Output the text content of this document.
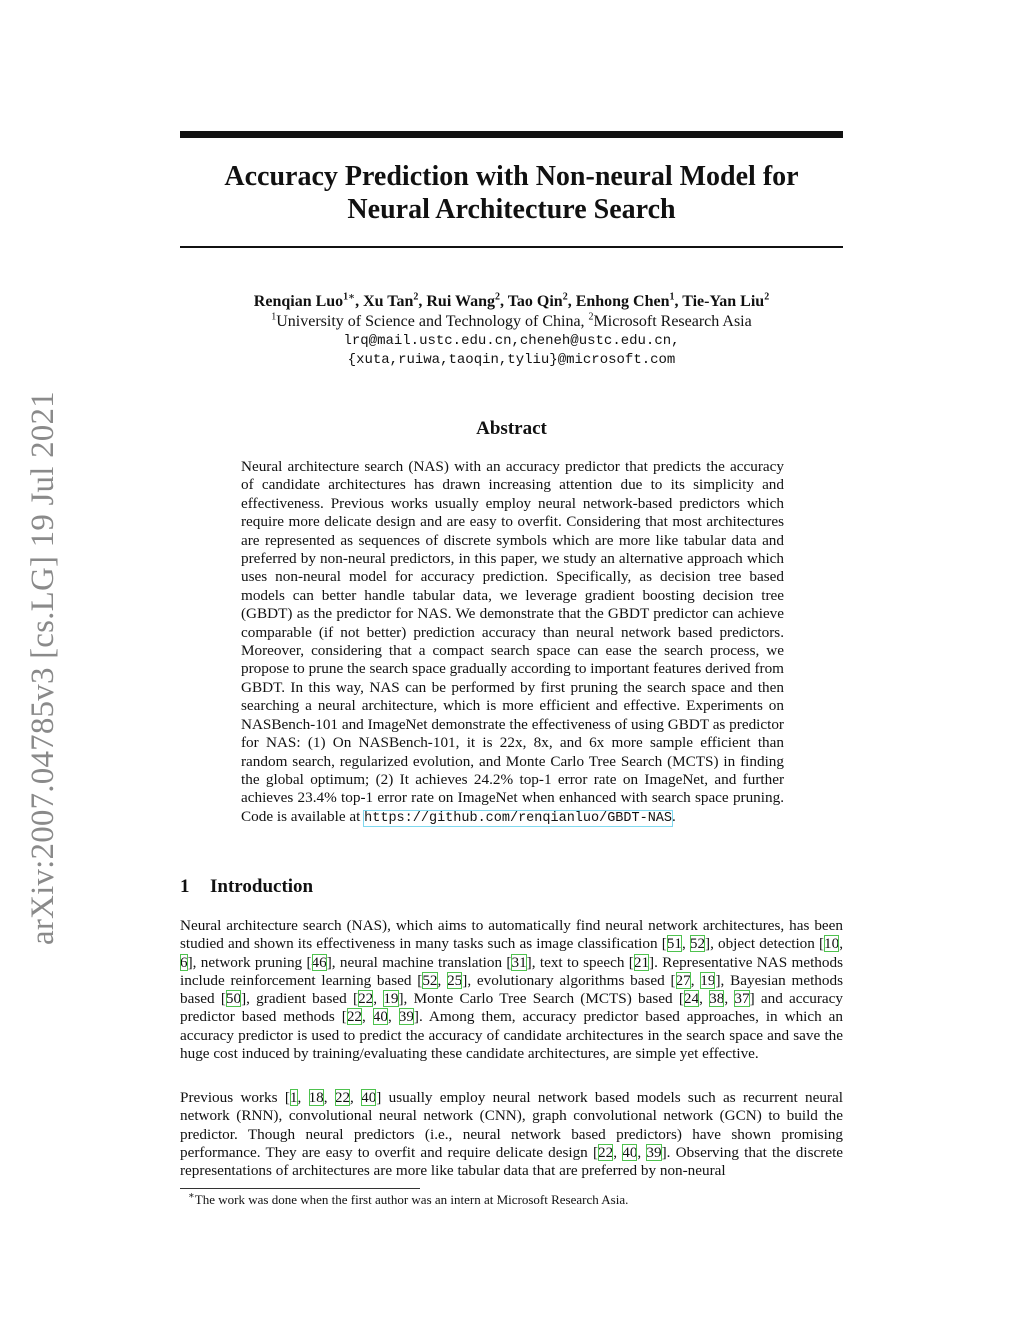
arXiv:2007.04785v3 [cs.LG] 19 Jul 2021
Accuracy Prediction with Non-neural Model for
Neural Architecture Search
Renqian Luo$^{1∗}$, Xu Tan$^2$, Rui Wang$^2$, Tao Qin$^2$, Enhong Chen$^1$, Tie-Yan Liu$^2$
$^1$University of Science and Technology of China, $^2$Microsoft Research Asia
lrq@mail.ustc.edu.cn,cheneh@ustc.edu.cn,
{xuta,ruiwa,taoqin,tyliu}@microsoft.com
Abstract
Neural architecture search (NAS) with an accuracy predictor that predicts the accuracy of candidate architectures has drawn increasing attention due to its simplicity and effectiveness. Previous works usually employ neural network-based predictors which require more delicate design and are easy to overfit. Considering that most architectures are represented as sequences of discrete symbols which are more like tabular data and preferred by non-neural predictors, in this paper, we study an alternative approach which uses non-neural model for accuracy prediction. Specifically, as decision tree based models can better handle tabular data, we leverage gradient boosting decision tree (GBDT) as the predictor for NAS. We demonstrate that the GBDT predictor can achieve comparable (if not better) prediction accuracy than neural network based predictors. Moreover, considering that a compact search space can ease the search process, we propose to prune the search space gradually according to important features derived from GBDT. In this way, NAS can be performed by first pruning the search space and then searching a neural architecture, which is more efficient and effective. Experiments on NASBench-101 and ImageNet demonstrate the effectiveness of using GBDT as predictor for NAS: (1) On NASBench-101, it is 22x, 8x, and 6x more sample efficient than random search, regularized evolution, and Monte Carlo Tree Search (MCTS) in finding the global optimum; (2) It achieves 24.2% top-1 error rate on ImageNet, and further achieves 23.4% top-1 error rate on ImageNet when enhanced with search space pruning. Code is available at https://github.com/renqianluo/GBDT-NAS.
1 Introduction
Neural architecture search (NAS), which aims to automatically find neural network architectures, has been studied and shown its effectiveness in many tasks such as image classification [51, 52], object detection [10, 6], network pruning [46], neural machine translation [31], text to speech [21]. Representative NAS methods include reinforcement learning based [52, 25], evolutionary algorithms based [27, 19], Bayesian methods based [50], gradient based [22, 19], Monte Carlo Tree Search (MCTS) based [24, 38, 37] and accuracy predictor based methods [22, 40, 39]. Among them, accuracy predictor based approaches, in which an accuracy predictor is used to predict the accuracy of candidate architectures in the search space and save the huge cost induced by training/evaluating these candidate architectures, are simple yet effective.
Previous works [1, 18, 22, 40] usually employ neural network based models such as recurrent neural network (RNN), convolutional neural network (CNN), graph convolutional network (GCN) to build the predictor. Though neural predictors (i.e., neural network based predictors) have shown promising performance. They are easy to overfit and require delicate design [22, 40, 39]. Observing that the discrete representations of architectures are more like tabular data that are preferred by non-neural
∗The work was done when the first author was an intern at Microsoft Research Asia.
